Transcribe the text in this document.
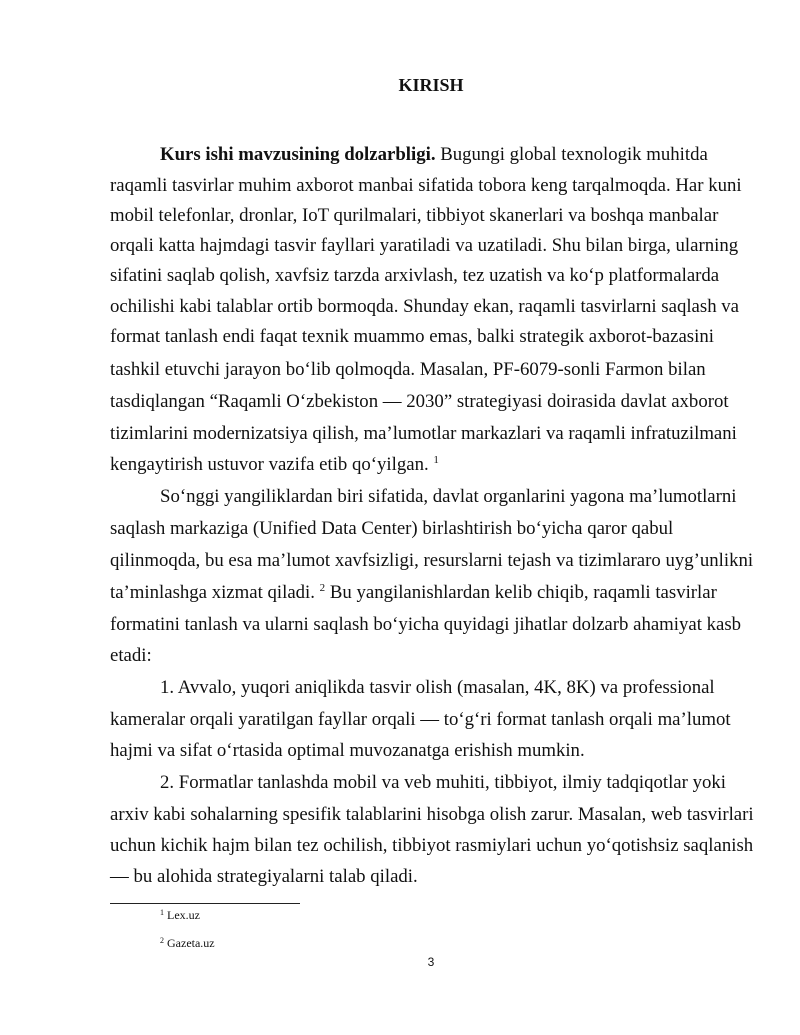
KIRISH
Kurs ishi mavzusining dolzarbligi. Bugungi global texnologik muhitda
raqamli tasvirlar muhim axborot manbai sifatida tobora keng tarqalmoqda. Har kuni
mobil telefonlar, dronlar, IoT qurilmalari, tibbiyot skanerlari va boshqa manbalar
orqali katta hajmdagi tasvir fayllari yaratiladi va uzatiladi. Shu bilan birga, ularning
sifatini saqlab qolish, xavfsiz tarzda arxivlash, tez uzatish va ko‘p platformalarda
ochilishi kabi talablar ortib bormoqda. Shunday ekan, raqamli tasvirlarni saqlash va
format tanlash endi faqat texnik muammo emas, balki strategik axborot-bazasini
tashkil etuvchi jarayon bo‘lib qolmoqda. Masalan, PF-6079-sonli Farmon bilan
tasdiqlangan “Raqamli O‘zbekiston — 2030” strategiyasi doirasida davlat axborot
tizimlarini modernizatsiya qilish, ma’lumotlar markazlari va raqamli infratuzilmani
kengaytirish ustuvor vazifa etib qo‘yilgan. $^1$
So‘nggi yangiliklardan biri sifatida, davlat organlarini yagona ma’lumotlarni
saqlash markaziga (Unified Data Center) birlashtirish bo‘yicha qaror qabul
qilinmoqda, bu esa ma’lumot xavfsizligi, resurslarni tejash va tizimlararo uyg’unlikni
ta’minlashga xizmat qiladi. $^2$ Bu yangilanishlardan kelib chiqib, raqamli tasvirlar
formatini tanlash va ularni saqlash bo‘yicha quyidagi jihatlar dolzarb ahamiyat kasb
etadi:
1. Avvalo, yuqori aniqlikda tasvir olish (masalan, 4K, 8K) va professional
kameralar orqali yaratilgan fayllar orqali — to‘g‘ri format tanlash orqali ma’lumot
hajmi va sifat o‘rtasida optimal muvozanatga erishish mumkin.
2. Formatlar tanlashda mobil va veb muhiti, tibbiyot, ilmiy tadqiqotlar yoki
arxiv kabi sohalarning spesifik talablarini hisobga olish zarur. Masalan, web tasvirlari
uchun kichik hajm bilan tez ochilish, tibbiyot rasmiylari uchun yo‘qotishsiz saqlanish
— bu alohida strategiyalarni talab qiladi.
$^1$ Lex.uz
$^2$ Gazeta.uz
3
